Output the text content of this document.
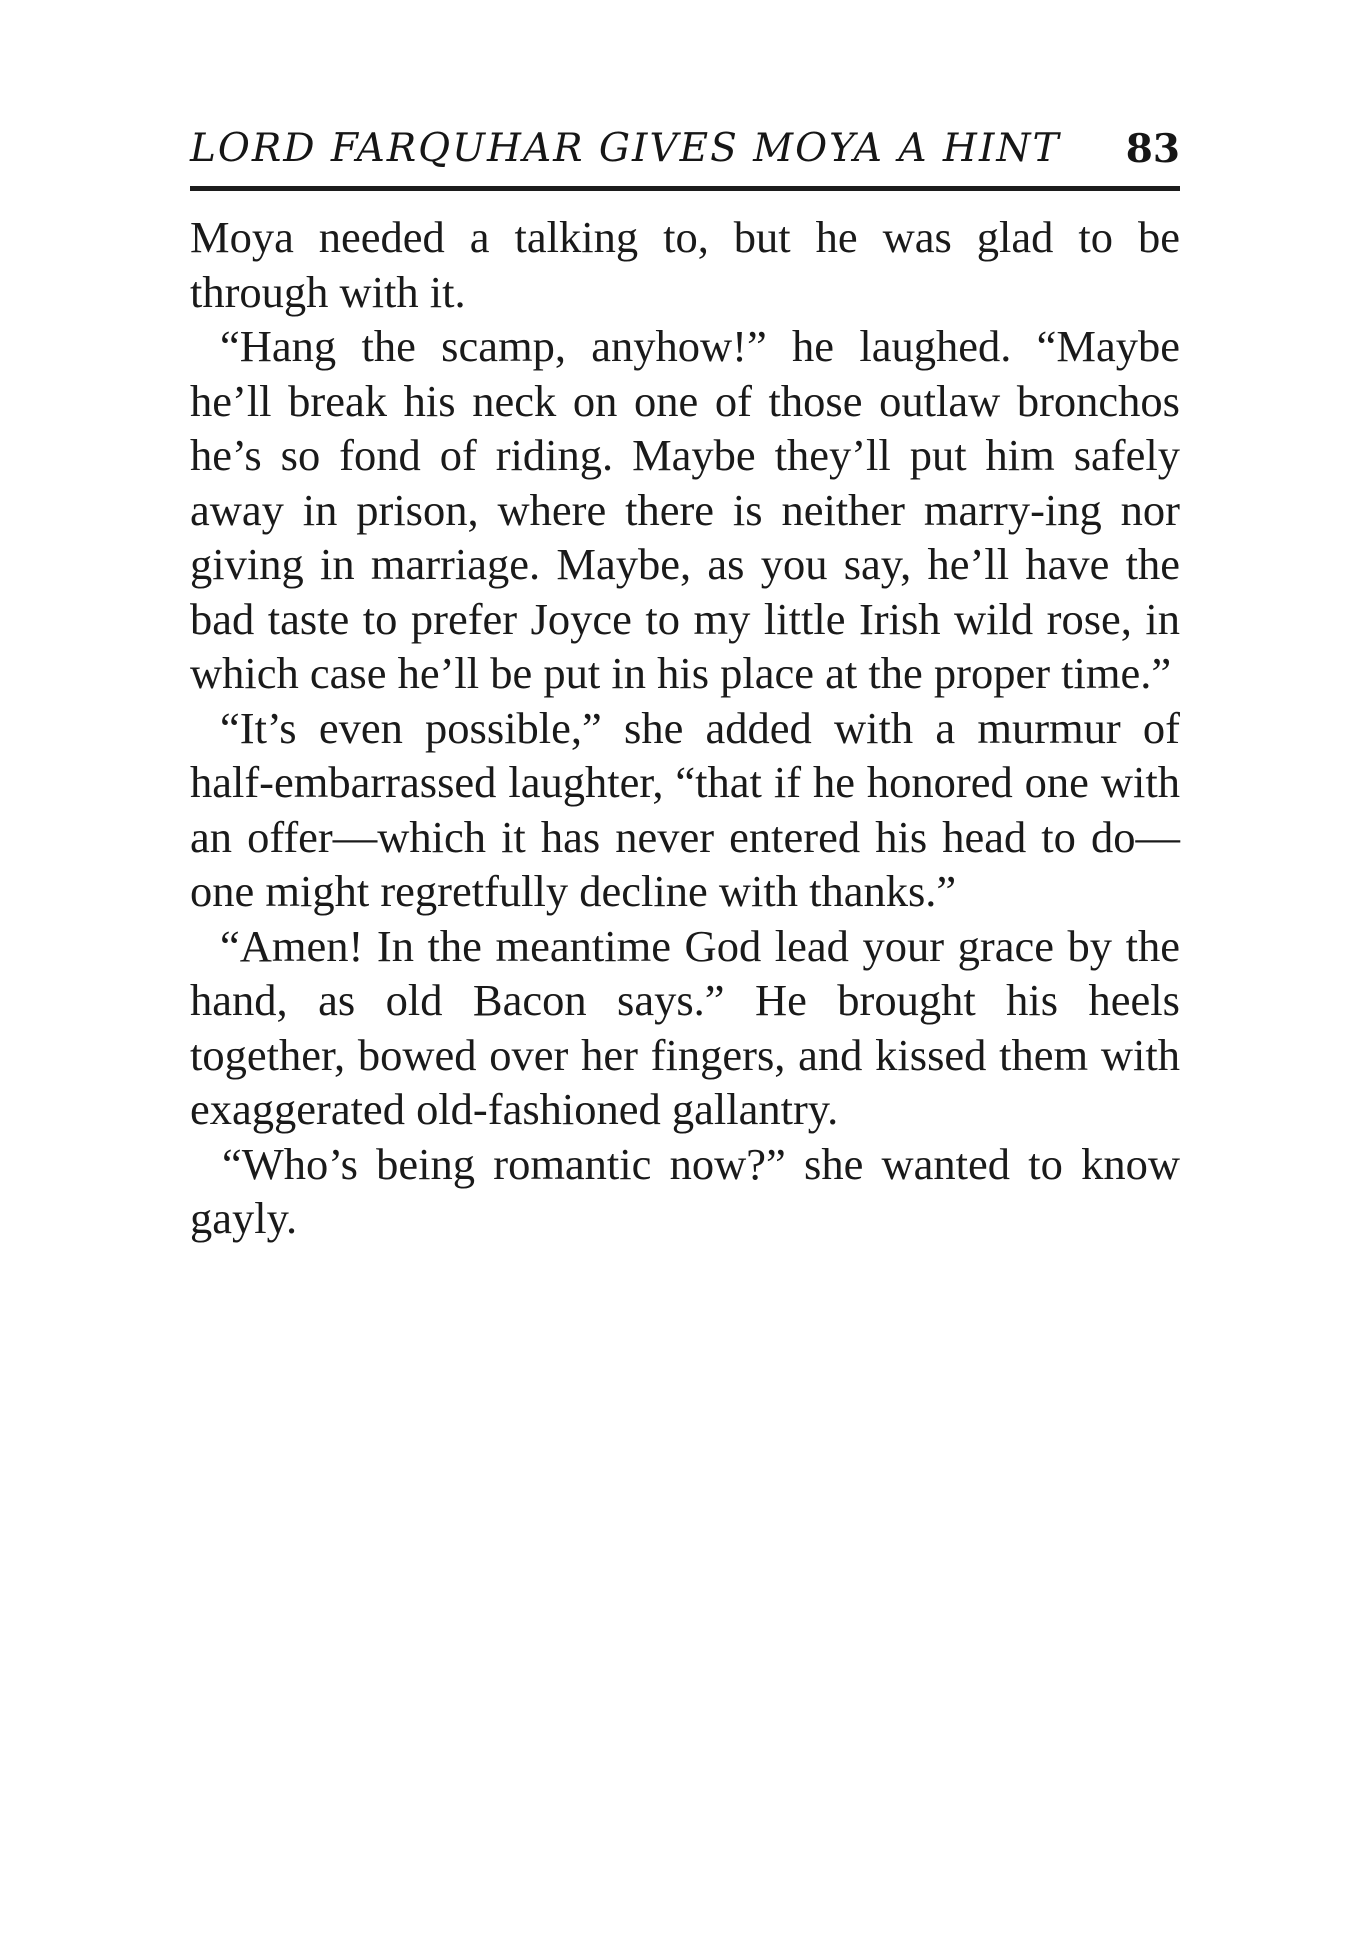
LORD FARQUHAR GIVES MOYA A HINT 83

Moya needed a talking to, but he was glad to be through with it.

“Hang the scamp, anyhow!” he laughed. “Maybe he’ll break his neck on one of those outlaw bronchos he’s so fond of riding. Maybe they’ll put him safely away in prison, where there is neither marry-ing nor giving in marriage. Maybe, as you say, he’ll have the bad taste to prefer Joyce to my little Irish wild rose, in which case he’ll be put in his place at the proper time.”

“It’s even possible,” she added with a murmur of half-embarrassed laughter, “that if he honored one with an offer—which it has never entered his head to do—one might regretfully decline with thanks.”

“Amen! In the meantime God lead your grace by the hand, as old Bacon says.” He brought his heels together, bowed over her fingers, and kissed them with exaggerated old-fashioned gallantry.

“Who’s being romantic now?” she wanted to know gayly.
